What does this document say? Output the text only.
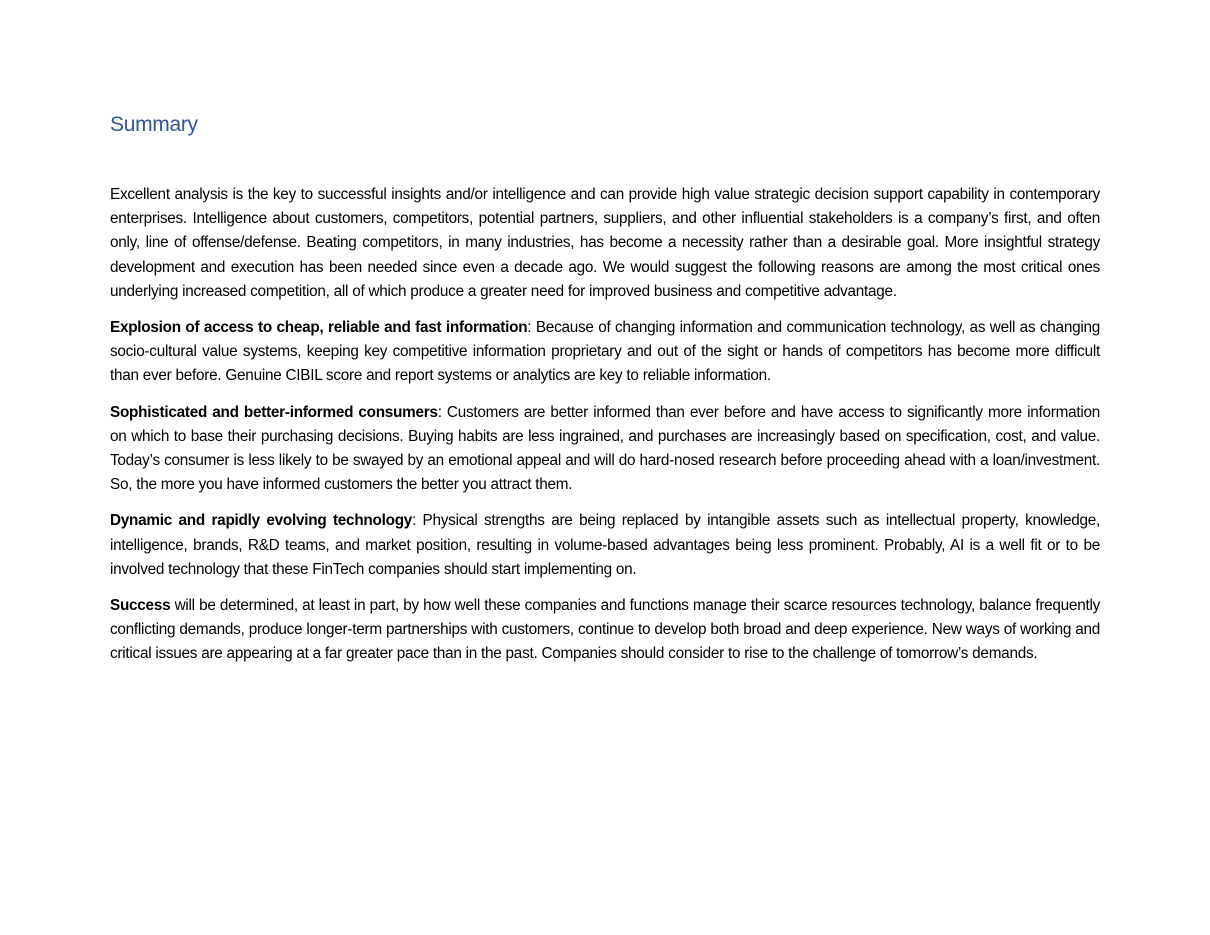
Summary

Excellent analysis is the key to successful insights and/or intelligence and can provide high value strategic decision support capability in contemporary enterprises. Intelligence about customers, competitors, potential partners, suppliers, and other influential stakeholders is a company’s first, and often only, line of offense/defense. Beating competitors, in many industries, has become a necessity rather than a desirable goal. More insightful strategy development and execution has been needed since even a decade ago. We would suggest the following reasons are among the most critical ones underlying increased competition, all of which produce a greater need for improved business and competitive advantage.

Explosion of access to cheap, reliable and fast information: Because of changing information and communication technology, as well as changing socio-cultural value systems, keeping key competitive information proprietary and out of the sight or hands of competitors has become more difficult than ever before. Genuine CIBIL score and report systems or analytics are key to reliable information.

Sophisticated and better-informed consumers: Customers are better informed than ever before and have access to significantly more information on which to base their purchasing decisions. Buying habits are less ingrained, and purchases are increasingly based on specification, cost, and value. Today’s consumer is less likely to be swayed by an emotional appeal and will do hard-nosed research before proceeding ahead with a loan/investment. So, the more you have informed customers the better you attract them.

Dynamic and rapidly evolving technology: Physical strengths are being replaced by intangible assets such as intellectual property, knowledge, intelligence, brands, R&D teams, and market position, resulting in volume-based advantages being less prominent. Probably, AI is a well fit or to be involved technology that these FinTech companies should start implementing on.

Success will be determined, at least in part, by how well these companies and functions manage their scarce resources technology, balance frequently conflicting demands, produce longer-term partnerships with customers, continue to develop both broad and deep experience. New ways of working and critical issues are appearing at a far greater pace than in the past. Companies should consider to rise to the challenge of tomorrow’s demands.
